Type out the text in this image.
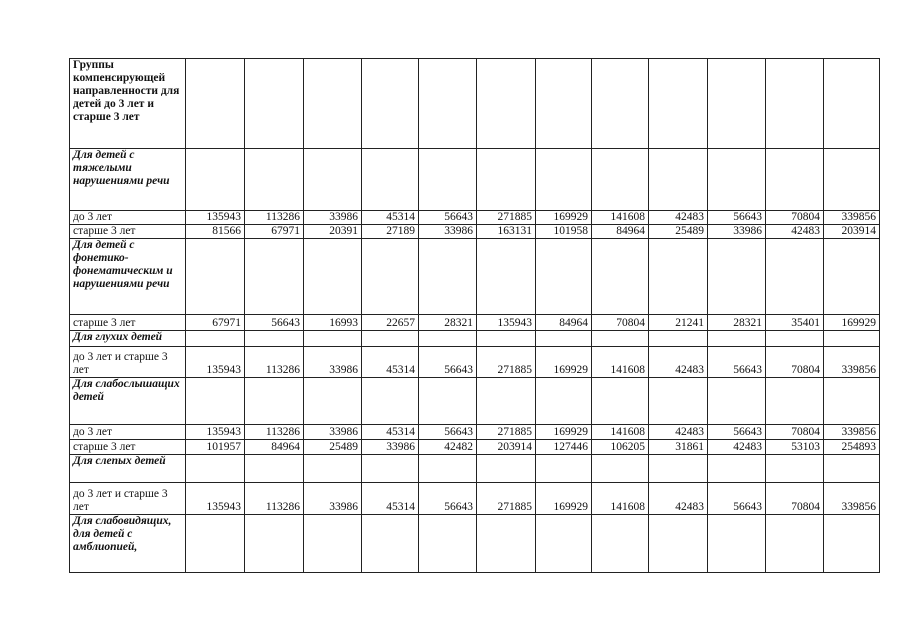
Группы компенсирующей направленности для детей до 3 лет и старше 3 лет												
Для детей с тяжелыми нарушениями речи												
до 3 лет	135943	113286	33986	45314	56643	271885	169929	141608	42483	56643	70804	339856
старше 3 лет	81566	67971	20391	27189	33986	163131	101958	84964	25489	33986	42483	203914
Для детей с фонетико-фонематическим и нарушениями речи												
старше 3 лет	67971	56643	16993	22657	28321	135943	84964	70804	21241	28321	35401	169929
Для глухих детей												
до 3 лет и старше 3 лет	135943	113286	33986	45314	56643	271885	169929	141608	42483	56643	70804	339856
Для слабослышащих детей												
до 3 лет	135943	113286	33986	45314	56643	271885	169929	141608	42483	56643	70804	339856
старше 3 лет	101957	84964	25489	33986	42482	203914	127446	106205	31861	42483	53103	254893
Для слепых детей												
до 3 лет и старше 3 лет	135943	113286	33986	45314	56643	271885	169929	141608	42483	56643	70804	339856
Для слабовидящих, для детей с амблиопией,												
